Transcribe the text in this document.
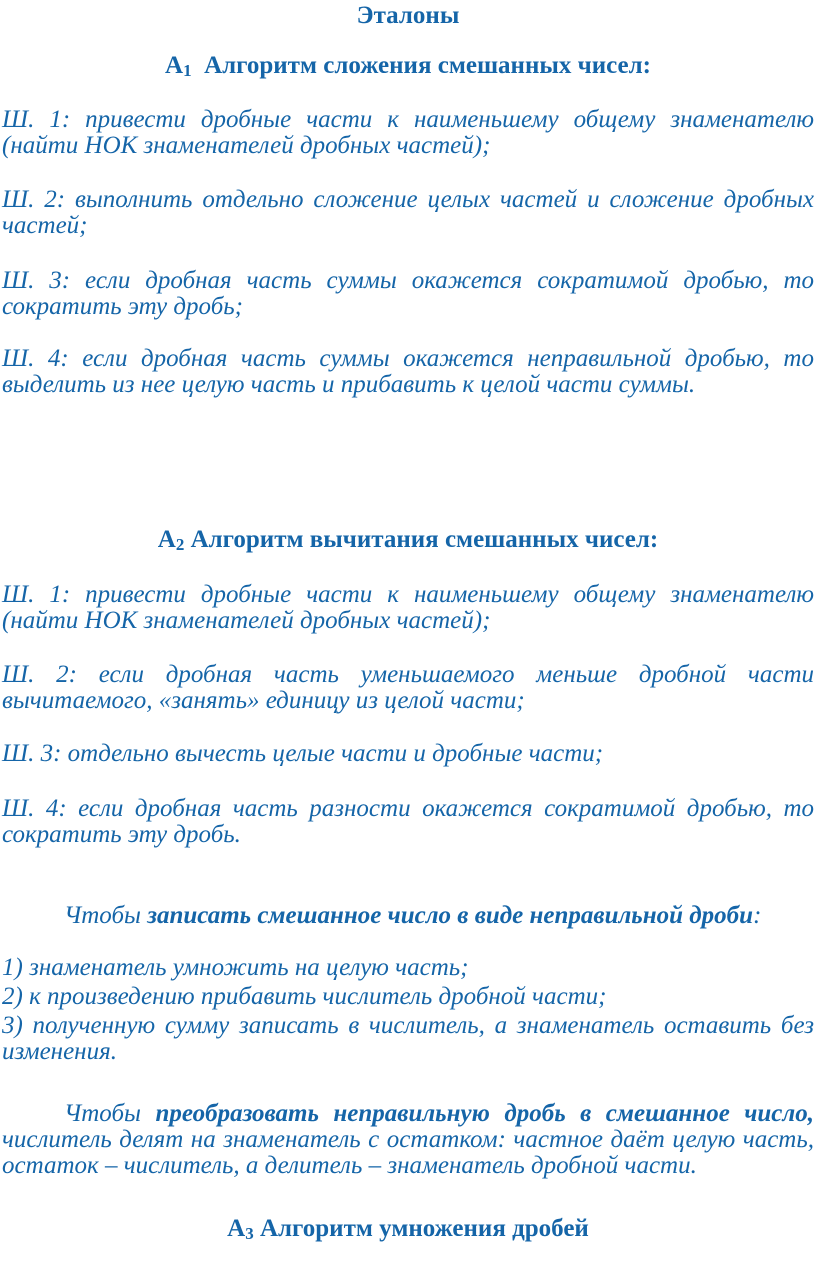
Эталоны
$А_1$  Алгоритм сложения смешанных чисел:
Ш. 1: привести дробные части к наименьшему общему знаменателю (найти НОК знаменателей дробных частей);
Ш. 2: выполнить отдельно сложение целых частей и сложение дробных частей;
Ш. 3: если дробная часть суммы окажется сократимой дробью, то сократить эту дробь;
Ш. 4: если дробная часть суммы окажется неправильной дробью, то выделить из нее целую часть и прибавить к целой части суммы.
$А_2$ Алгоритм вычитания смешанных чисел:
Ш. 1: привести дробные части к наименьшему общему знаменателю (найти НОК знаменателей дробных частей);
Ш. 2: если дробная часть уменьшаемого меньше дробной части вычитаемого, «занять» единицу из целой части;
Ш. 3: отдельно вычесть целые части и дробные части;
Ш. 4: если дробная часть разности окажется сократимой дробью, то сократить эту дробь.
Чтобы записать смешанное число в виде неправильной дроби:
1) знаменатель умножить на целую часть;
2) к произведению прибавить числитель дробной части;
3) полученную сумму записать в числитель, а знаменатель оставить без изменения.
Чтобы преобразовать неправильную дробь в смешанное число, числитель делят на знаменатель с остатком: частное даёт целую часть, остаток – числитель, а делитель – знаменатель дробной части.
$А_3$ Алгоритм умножения дробей
